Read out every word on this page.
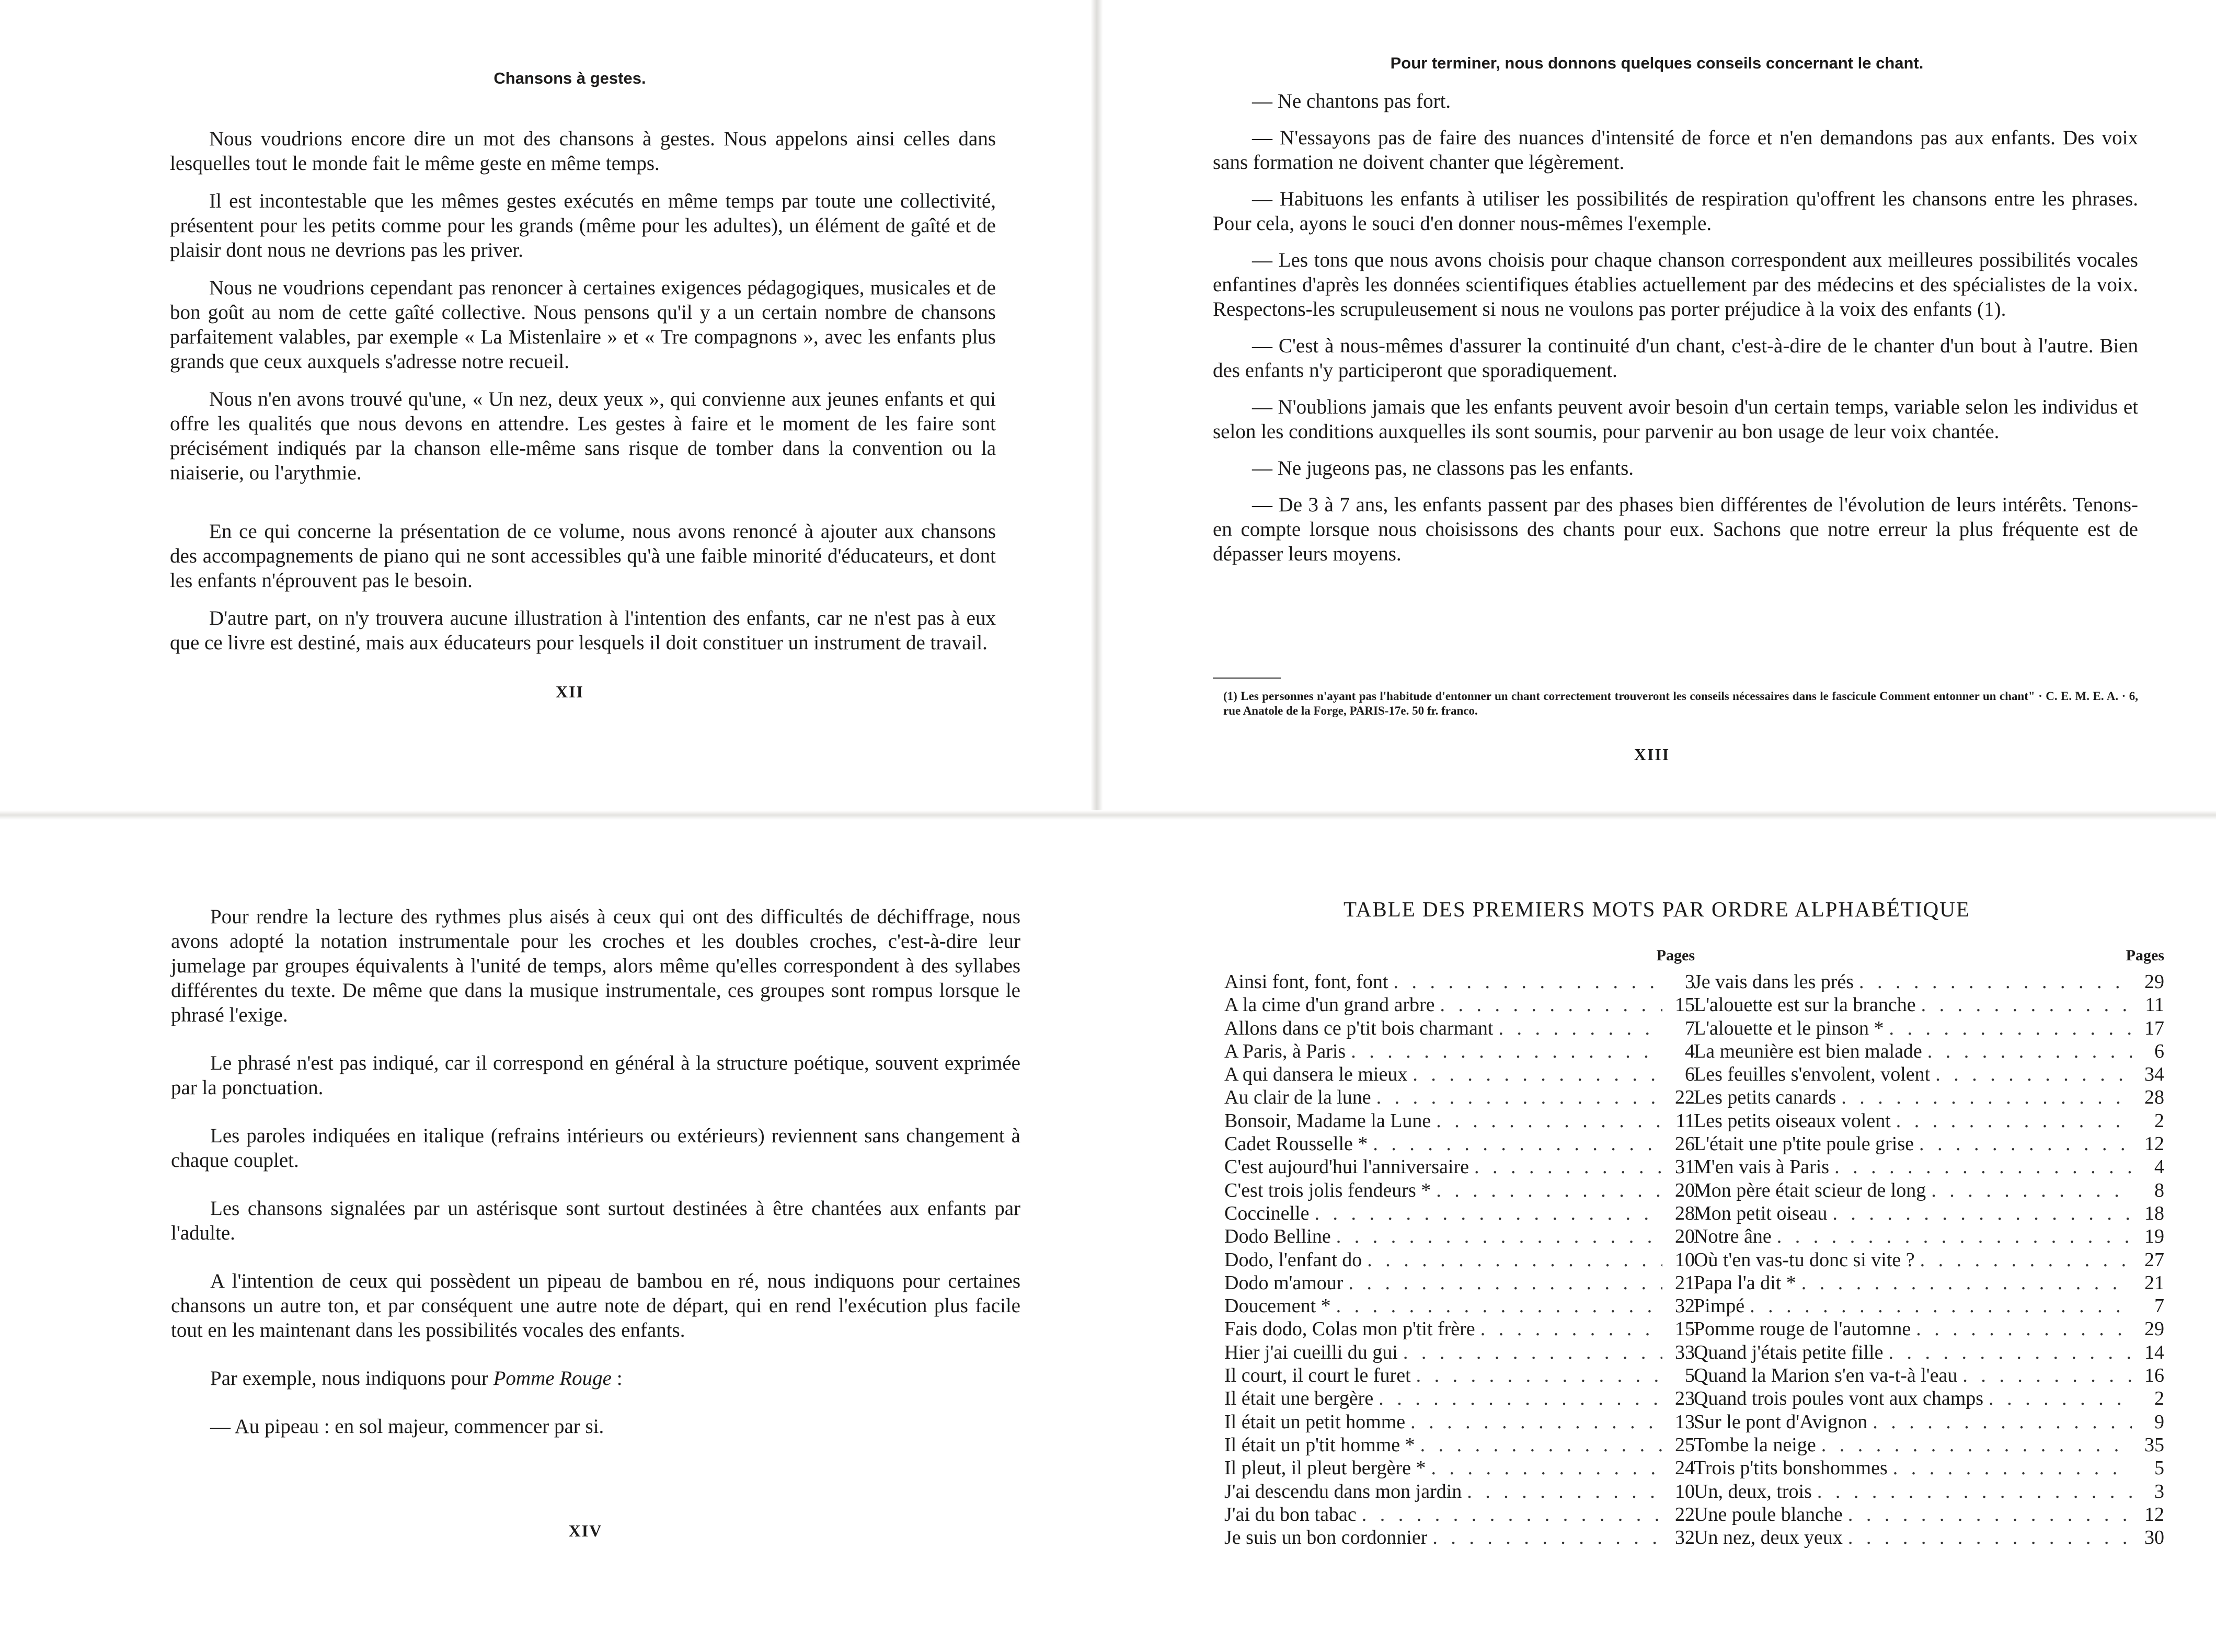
Chansons à gestes.

Nous voudrions encore dire un mot des chansons à gestes. Nous appelons ainsi celles dans lesquelles tout le monde fait le même geste en même temps.

Il est incontestable que les mêmes gestes exécutés en même temps par toute une collectivité, présentent pour les petits comme pour les grands (même pour les adultes), un élément de gaîté et de plaisir dont nous ne devrions pas les priver.

Nous ne voudrions cependant pas renoncer à certaines exigences pédagogiques, musicales et de bon goût au nom de cette gaîté collective. Nous pensons qu'il y a un certain nombre de chansons parfaitement valables, par exemple « La Mistenlaire » et « Tre compagnons », avec les enfants plus grands que ceux auxquels s'adresse notre recueil.

Nous n'en avons trouvé qu'une, « Un nez, deux yeux », qui convienne aux jeunes enfants et qui offre les qualités que nous devons en attendre. Les gestes à faire et le moment de les faire sont précisément indiqués par la chanson elle-même sans risque de tomber dans la convention ou la niaiserie, ou l'arythmie.

En ce qui concerne la présentation de ce volume, nous avons renoncé à ajouter aux chansons des accompagnements de piano qui ne sont accessibles qu'à une faible minorité d'éducateurs, et dont les enfants n'éprouvent pas le besoin.

D'autre part, on n'y trouvera aucune illustration à l'intention des enfants, car ne n'est pas à eux que ce livre est destiné, mais aux éducateurs pour lesquels il doit constituer un instrument de travail.

XII
Pour terminer, nous donnons quelques conseils concernant le chant.

— Ne chantons pas fort.

— N'essayons pas de faire des nuances d'intensité de force et n'en demandons pas aux enfants. Des voix sans formation ne doivent chanter que légèrement.

— Habituons les enfants à utiliser les possibilités de respiration qu'offrent les chansons entre les phrases. Pour cela, ayons le souci d'en donner nous-mêmes l'exemple.

— Les tons que nous avons choisis pour chaque chanson correspondent aux meilleures possibilités vocales enfantines d'après les données scientifiques établies actuellement par des médecins et des spécialistes de la voix. Respectons-les scrupuleusement si nous ne voulons pas porter préjudice à la voix des enfants (1).

— C'est à nous-mêmes d'assurer la continuité d'un chant, c'est-à-dire de le chanter d'un bout à l'autre. Bien des enfants n'y participeront que sporadiquement.

— N'oublions jamais que les enfants peuvent avoir besoin d'un certain temps, variable selon les individus et selon les conditions auxquelles ils sont soumis, pour parvenir au bon usage de leur voix chantée.

— Ne jugeons pas, ne classons pas les enfants.

— De 3 à 7 ans, les enfants passent par des phases bien différentes de l'évolution de leurs intérêts. Tenons-en compte lorsque nous choisissons des chants pour eux. Sachons que notre erreur la plus fréquente est de dépasser leurs moyens.

(1) Les personnes n'ayant pas l'habitude d'entonner un chant correctement trouveront les conseils nécessaires dans le fascicule Comment entonner un chant" · C. E. M. E. A. · 6, rue Anatole de la Forge, PARIS-17e. 50 fr. franco.
XIII

Pour rendre la lecture des rythmes plus aisés à ceux qui ont des difficultés de déchiffrage, nous avons adopté la notation instrumentale pour les croches et les doubles croches, c'est-à-dire leur jumelage par groupes équivalents à l'unité de temps, alors même qu'elles correspondent à des syllabes différentes du texte. De même que dans la musique instrumentale, ces groupes sont rompus lorsque le phrasé l'exige.

Le phrasé n'est pas indiqué, car il correspond en général à la structure poétique, souvent exprimée par la ponctuation.

Les paroles indiquées en italique (refrains intérieurs ou extérieurs) reviennent sans changement à chaque couplet.

Les chansons signalées par un astérisque sont surtout destinées à être chantées aux enfants par l'adulte.

A l'intention de ceux qui possèdent un pipeau de bambou en ré, nous indiquons pour certaines chansons un autre ton, et par conséquent une autre note de départ, qui en rend l'exécution plus facile tout en les maintenant dans les possibilités vocales des enfants.

Par exemple, nous indiquons pour Pomme Rouge :

— Au pipeau : en sol majeur, commencer par si.

XIV
TABLE DES PREMIERS MOTS PAR ORDRE ALPHABÉTIQUE
Pages
Ainsi font, font, font . . .	3
A la cime d'un grand arbre . . .	15
Allons dans ce p'tit bois charmant . . .	7
A Paris, à Paris . . .	4
A qui dansera le mieux . . .	6
Au clair de la lune . . .	22
Bonsoir, Madame la Lune . . .	11
Cadet Rousselle * . . .	26
C'est aujourd'hui l'anniversaire . . .	31
C'est trois jolis fendeurs * . . .	20
Coccinelle . . .	28
Dodo Belline . . .	20
Dodo, l'enfant do . . .	10
Dodo m'amour . . .	21
Doucement * . . .	32
Fais dodo, Colas mon p'tit frère . . .	15
Hier j'ai cueilli du gui . . .	33
Il court, il court le furet . . .	5
Il était une bergère . . .	23
Il était un petit homme . . .	13
Il était un p'tit homme * . . .	25
Il pleut, il pleut bergère * . . .	24
J'ai descendu dans mon jardin . . .	10
J'ai du bon tabac . . .	22
Je suis un bon cordonnier . . .	32
Pages
Je vais dans les prés . . .	29
L'alouette est sur la branche . . .	11
L'alouette et le pinson * . . .	17
La meunière est bien malade . . .	6
Les feuilles s'envolent, volent . . .	34
Les petits canards . . .	28
Les petits oiseaux volent . . .	2
L'était une p'tite poule grise . . .	12
M'en vais à Paris . . .	4
Mon père était scieur de long . . .	8
Mon petit oiseau . . .	18
Notre âne . . .	19
Où t'en vas-tu donc si vite ? . . .	27
Papa l'a dit * . . .	21
Pimpé . . .	7
Pomme rouge de l'automne . . .	29
Quand j'étais petite fille . . .	14
Quand la Marion s'en va-t-à l'eau . . .	16
Quand trois poules vont aux champs . . .	2
Sur le pont d'Avignon . . .	9
Tombe la neige . . .	35
Trois p'tits bonshommes . . .	5
Un, deux, trois . . .	3
Une poule blanche . . .	12
Un nez, deux yeux . . .	30
